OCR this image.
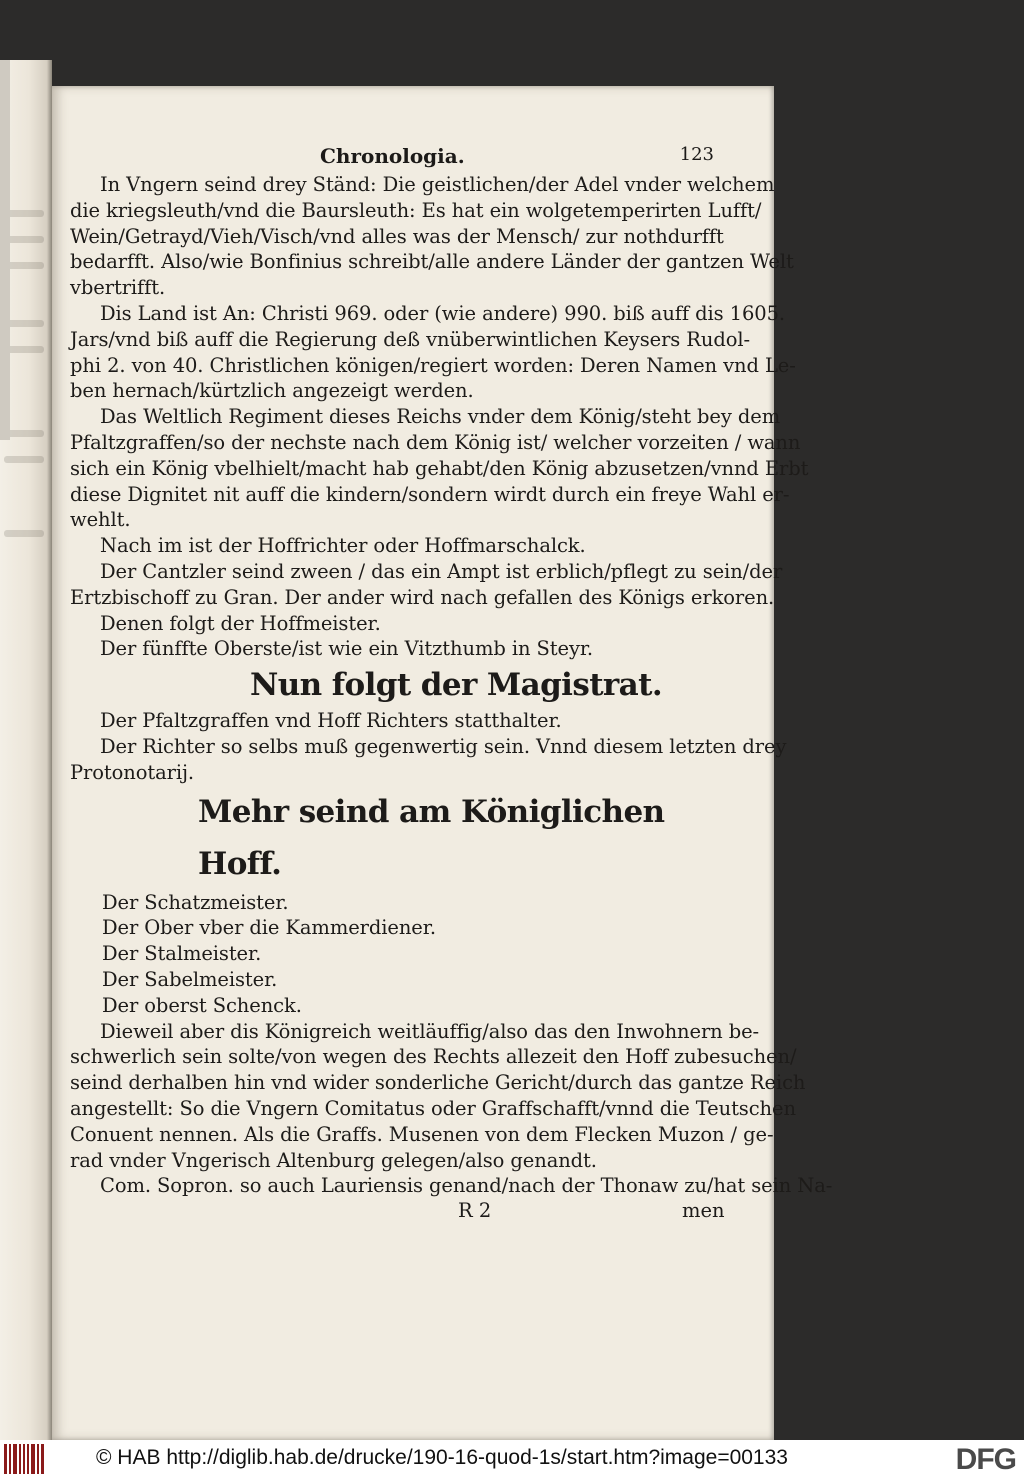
Chronologia.	123
In Vngern seind drey Ständ: Die geistlichen/der Adel vnder welchem
die kriegsleuth/vnd die Baursleuth: Es hat ein wolgetemperirten Lufft/
Wein/Getrayd/Vieh/Visch/vnd alles was der Mensch/ zur nothdurfft
bedarfft. Also/wie Bonfinius schreibt/alle andere Länder der gantzen Welt
vbertrifft.
Dis Land ist An: Christi 969. oder (wie andere) 990. biß auff dis 1605.
Jars/vnd biß auff die Regierung deß vnüberwintlichen Keysers Rudol-
phi 2. von 40. Christlichen königen/regiert worden: Deren Namen vnd Le-
ben hernach/kürtzlich angezeigt werden.
Das Weltlich Regiment dieses Reichs vnder dem König/steht bey dem
Pfaltzgraffen/so der nechste nach dem König ist/ welcher vorzeiten / wann
sich ein König vbelhielt/macht hab gehabt/den König abzusetzen/vnnd Erbt
diese Dignitet nit auff die kindern/sondern wirdt durch ein freye Wahl er-
wehlt.
Nach im ist der Hoffrichter oder Hoffmarschalck.
Der Cantzler seind zween / das ein Ampt ist erblich/pflegt zu sein/der
Ertzbischoff zu Gran. Der ander wird nach gefallen des Königs erkoren.
Denen folgt der Hoffmeister.
Der fünffte Oberste/ist wie ein Vitzthumb in Steyr.
Nun folgt der Magistrat.
Der Pfaltzgraffen vnd Hoff Richters statthalter.
Der Richter so selbs muß gegenwertig sein. Vnnd diesem letzten drey
Protonotarij.
Mehr seind am Königlichen Hoff.
Der Schatzmeister.
Der Ober vber die Kammerdiener.
Der Stalmeister.
Der Sabelmeister.
Der oberst Schenck.
Dieweil aber dis Königreich weitläuffig/also das den Inwohnern be-
schwerlich sein solte/von wegen des Rechts allezeit den Hoff zubesuchen/
seind derhalben hin vnd wider sonderliche Gericht/durch das gantze Reich
angestellt: So die Vngern Comitatus oder Graffschafft/vnnd die Teutschen
Conuent nennen. Als die Graffs. Musenen von dem Flecken Muzon / ge-
rad vnder Vngerisch Altenburg gelegen/also genandt.
Com. Sopron. so auch Lauriensis genand/nach der Thonaw zu/hat sein Na-
R 2	men
© HAB http://diglib.hab.de/drucke/190-16-quod-1s/start.htm?image=00133	DFG
